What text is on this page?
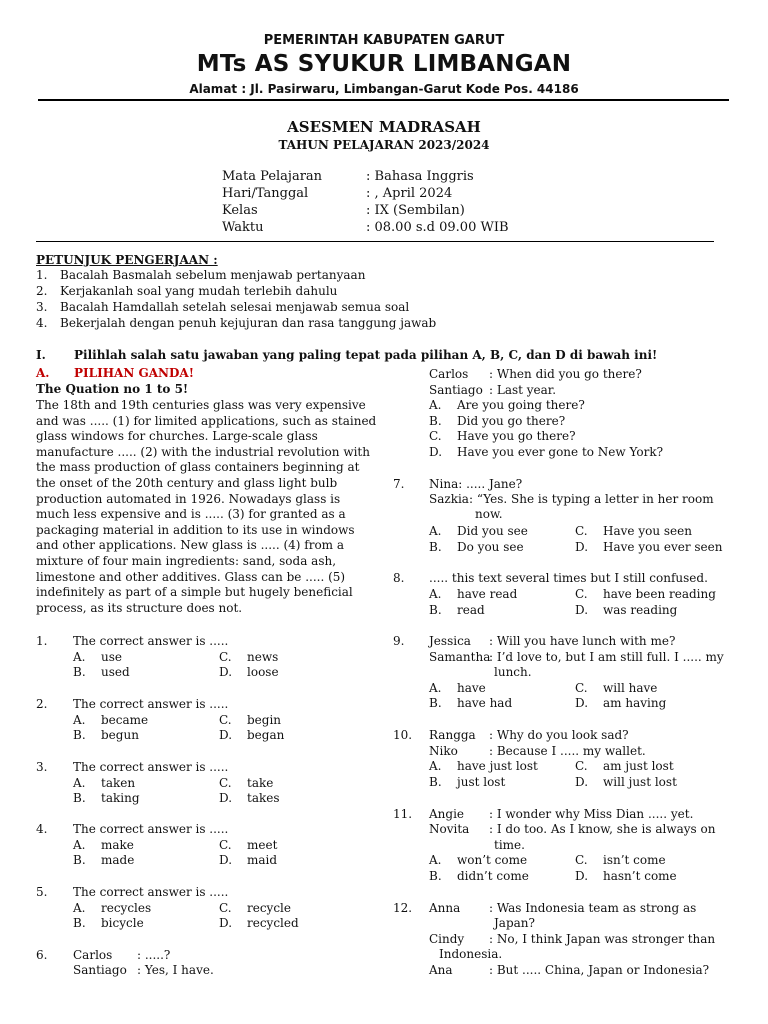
PEMERINTAH KABUPATEN GARUT
MTs AS SYUKUR LIMBANGAN
Alamat : Jl. Pasirwaru, Limbangan-Garut Kode Pos. 44186
ASESMEN MADRASAH
TAHUN PELAJARAN 2023/2024
Mata Pelajaran	: Bahasa Inggris
Hari/Tanggal	: , April 2024
Kelas	: IX (Sembilan)
Waktu	: 08.00 s.d 09.00 WIB
PETUNJUK PENGERJAAN :
1. Bacalah Basmalah sebelum menjawab pertanyaan
2. Kerjakanlah soal yang mudah terlebih dahulu
3. Bacalah Hamdallah setelah selesai menjawab semua soal
4. Bekerjalah dengan penuh kejujuran dan rasa tanggung jawab
I. Pilihlah salah satu jawaban yang paling tepat pada pilihan A, B, C, dan D di bawah ini!
A. PILIHAN GANDA!
The Quation no 1 to 5!
The 18th and 19th centuries glass was very expensive
and was ..... (1) for limited applications, such as stained
glass windows for churches. Large-scale glass
manufacture ..... (2) with the industrial revolution with
the mass production of glass containers beginning at
the onset of the 20th century and glass light bulb
production automated in 1926. Nowadays glass is
much less expensive and is ..... (3) for granted as a
packaging material in addition to its use in windows
and other applications. New glass is ..... (4) from a
mixture of four main ingredients: sand, soda ash,
limestone and other additives. Glass can be ..... (5)
indefinitely as part of a simple but hugely beneficial
process, as its structure does not.
1. The correct answer is .....
A. use
B. used
C. news
D. loose
2. The correct answer is .....
A. became
B. begun
C. begin
D. began
3. The correct answer is .....
A. taken
B. taking
C. take
D. takes
4. The correct answer is .....
A. make
B. made
C. meet
D. maid
5. The correct answer is .....
A. recycles
B. bicycle
C. recycle
D. recycled
6. Carlos : .....?
Santiago : Yes, I have.
Carlos : When did you go there?
Santiago : Last year.
A. Are you going there?
B. Did you go there?
C. Have you go there?
D. Have you ever gone to New York?
7. Nina: ..... Jane?
Sazkia: “Yes. She is typing a letter in her room
now.
A. Did you see
B. Do you see
C. Have you seen
D. Have you ever seen
8. ..... this text several times but I still confused.
A. have read
B. read
C. have been reading
D. was reading
9. Jessica : Will you have lunch with me?
Samantha
: I’d love to, but I am still full. I ..... my
lunch.
A. have
B. have had
C. will have
D. am having
10. Rangga : Why do you look sad?
Niko	: Because I ..... my wallet.
A. have just lost
B. just lost
C. am just lost
D. will just lost
11. Angie : I wonder why Miss Dian ..... yet.
Novita : I do too. As I know, she is always on
time.
A. won’t come
B. didn’t come
C. isn’t come
D. hasn’t come
12. Anna : Was Indonesia team as strong as
Japan?
Cindy : No, I think Japan was stronger than
Indonesia.
Ana	: But ..... China, Japan or Indonesia?
